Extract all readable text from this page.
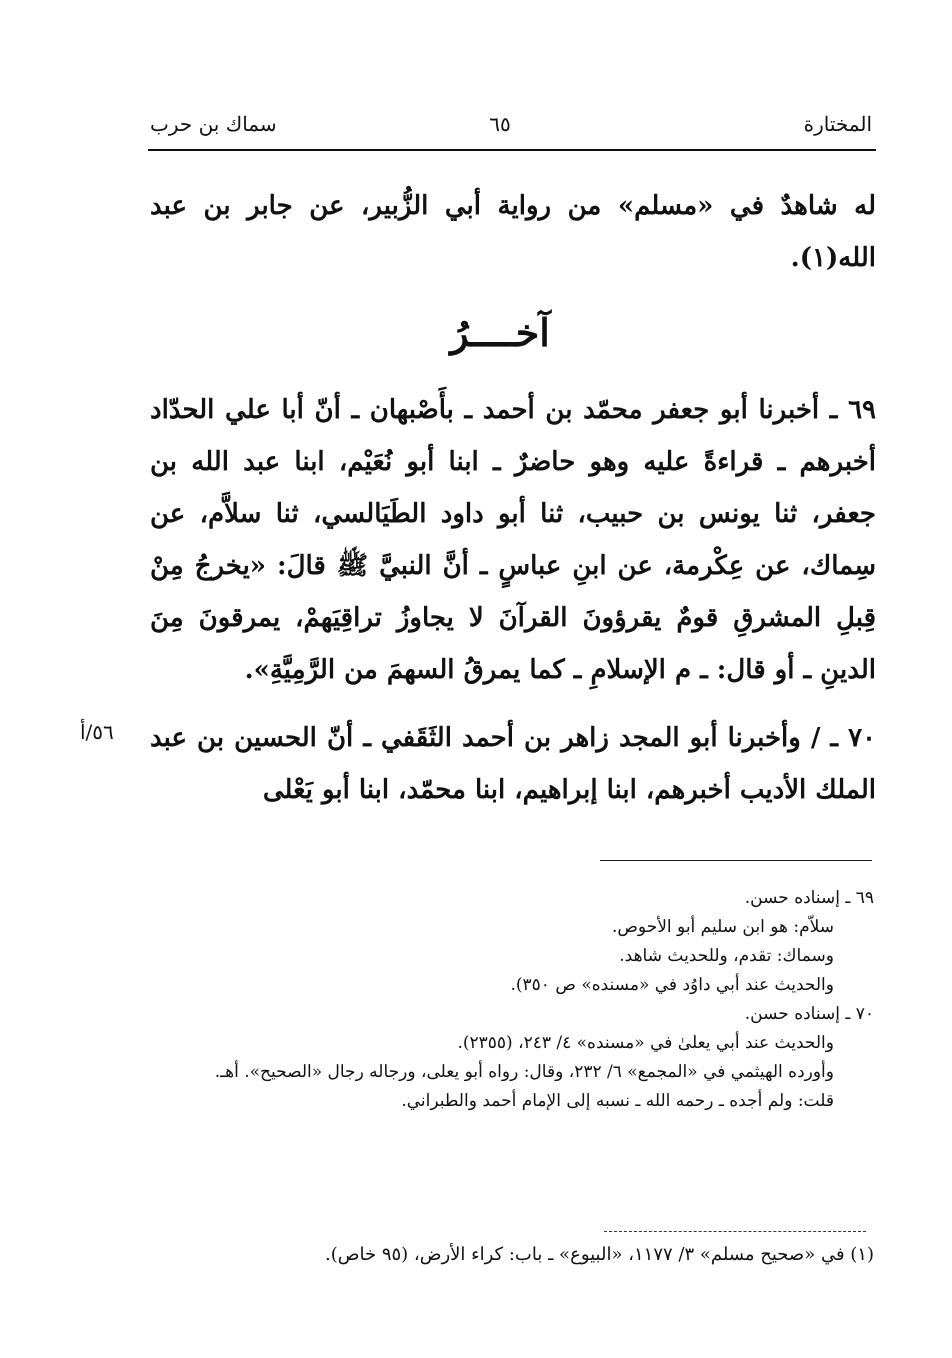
المختارة
٦٥
سماك بن حرب
له شاهدٌ في «مسلم» من رواية أبي الزُّبير، عن جابر بن عبد الله(١).
آخــــرُ
٦٩ ـ أخبرنا أبو جعفر محمّد بن أحمد ـ بأَصْبهان ـ أنّ أبا علي الحدّاد أخبرهم ـ قراءةً عليه وهو حاضرٌ ـ ابنا أبو نُعَيْم، ابنا عبد الله بن جعفر، ثنا يونس بن حبيب، ثنا أبو داود الطَيَالسي، ثنا سلاَّم، عن سِماك، عن عِكْرمة، عن ابنِ عباسٍ ـ أنَّ النبيَّ ﷺ قالَ: «يخرجُ مِنْ قِبلِ المشرقِ قومٌ يقرؤونَ القرآنَ لا يجاوزُ تراقِيَهمْ، يمرقونَ مِنَ الدينِ ـ أو قال: ـ م الإسلامِ ـ كما يمرقُ السهمَ من الرَّمِيَّةِ».
٧٠ ـ / وأخبرنا أبو المجد زاهر بن أحمد الثَقَفي ـ أنّ الحسين بن عبد الملك الأديب أخبرهم، ابنا إبراهيم، ابنا محمّد، ابنا أبو يَعْلى
٥٦/أ
٦٩ ـ إسناده حسن.
سلاّم: هو ابن سليم أبو الأحوص.
وسماك: تقدم، وللحديث شاهد.
والحديث عند أبي داوُد في «مسنده» ص ٣٥٠).
٧٠ ـ إسناده حسن.
والحديث عند أبي يعلىٰ في «مسنده» ٤/ ٢٤٣، (٢٣٥٥).
وأورده الهيثمي في «المجمع» ٦/ ٢٣٢، وقال: رواه أبو يعلى، ورجاله رجال «الصحيح». أهـ.
قلت: ولم أجده ـ رحمه الله ـ نسبه إلى الإمام أحمد والطبراني.
(١) في «صحيح مسلم» ٣/ ١١٧٧، «البيوع» ـ باب: كراء الأرض، (٩٥ خاص).
